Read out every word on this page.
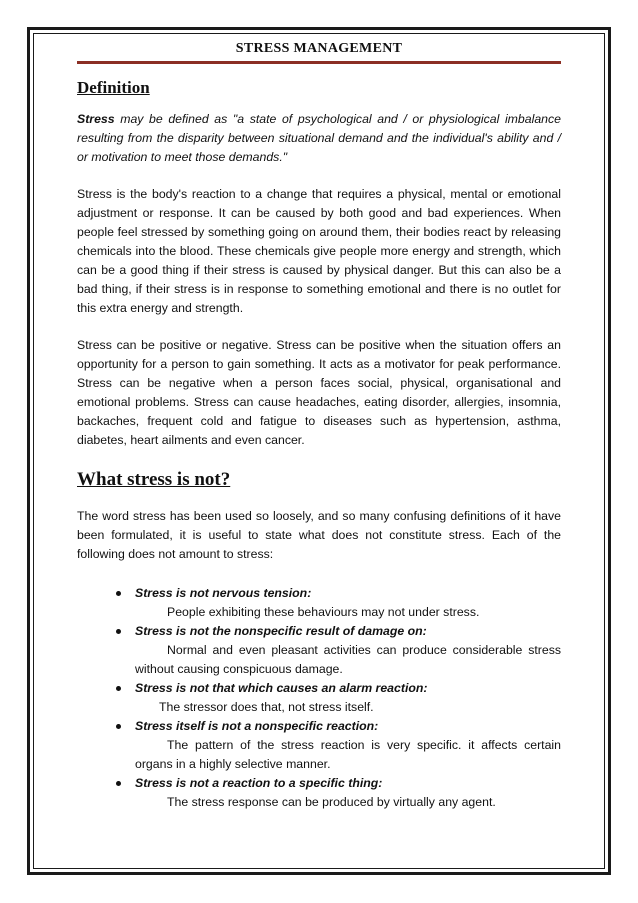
STRESS MANAGEMENT
Definition

Stress may be defined as "a state of psychological and / or physiological imbalance resulting from the disparity between situational demand and the individual's ability and / or motivation to meet those demands."

Stress is the body's reaction to a change that requires a physical, mental or emotional adjustment or response. It can be caused by both good and bad experiences. When people feel stressed by something going on around them, their bodies react by releasing chemicals into the blood. These chemicals give people more energy and strength, which can be a good thing if their stress is caused by physical danger. But this can also be a bad thing, if their stress is in response to something emotional and there is no outlet for this extra energy and strength.

Stress can be positive or negative. Stress can be positive when the situation offers an opportunity for a person to gain something. It acts as a motivator for peak performance. Stress can be negative when a person faces social, physical, organisational and emotional problems. Stress can cause headaches, eating disorder, allergies, insomnia, backaches, frequent cold and fatigue to diseases such as hypertension, asthma, diabetes, heart ailments and even cancer.

What stress is not?

The word stress has been used so loosely, and so many confusing definitions of it have been formulated, it is useful to state what does not constitute stress. Each of the following does not amount to stress:

Stress is not nervous tension:
People exhibiting these behaviours may not under stress.
Stress is not the nonspecific result of damage on:
Normal and even pleasant activities can produce considerable stress without causing conspicuous damage.
Stress is not that which causes an alarm reaction:
The stressor does that, not stress itself.
Stress itself is not a nonspecific reaction:
The pattern of the stress reaction is very specific. it affects certain organs in a highly selective manner.
Stress is not a reaction to a specific thing:
The stress response can be produced by virtually any agent.
